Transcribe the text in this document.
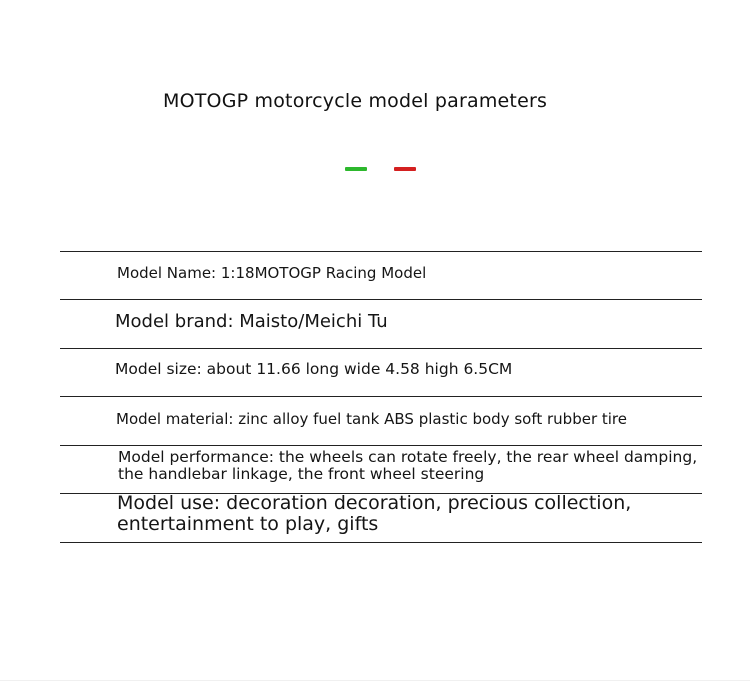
MOTOGP motorcycle model parameters
Model Name: 1:18MOTOGP Racing Model
Model brand: Maisto/Meichi Tu
Model size: about 11.66 long wide 4.58 high 6.5CM
Model material: zinc alloy fuel tank ABS plastic body soft rubber tire
Model performance: the wheels can rotate freely, the rear wheel damping,
the handlebar linkage, the front wheel steering
Model use: decoration decoration, precious collection,
entertainment to play, gifts
